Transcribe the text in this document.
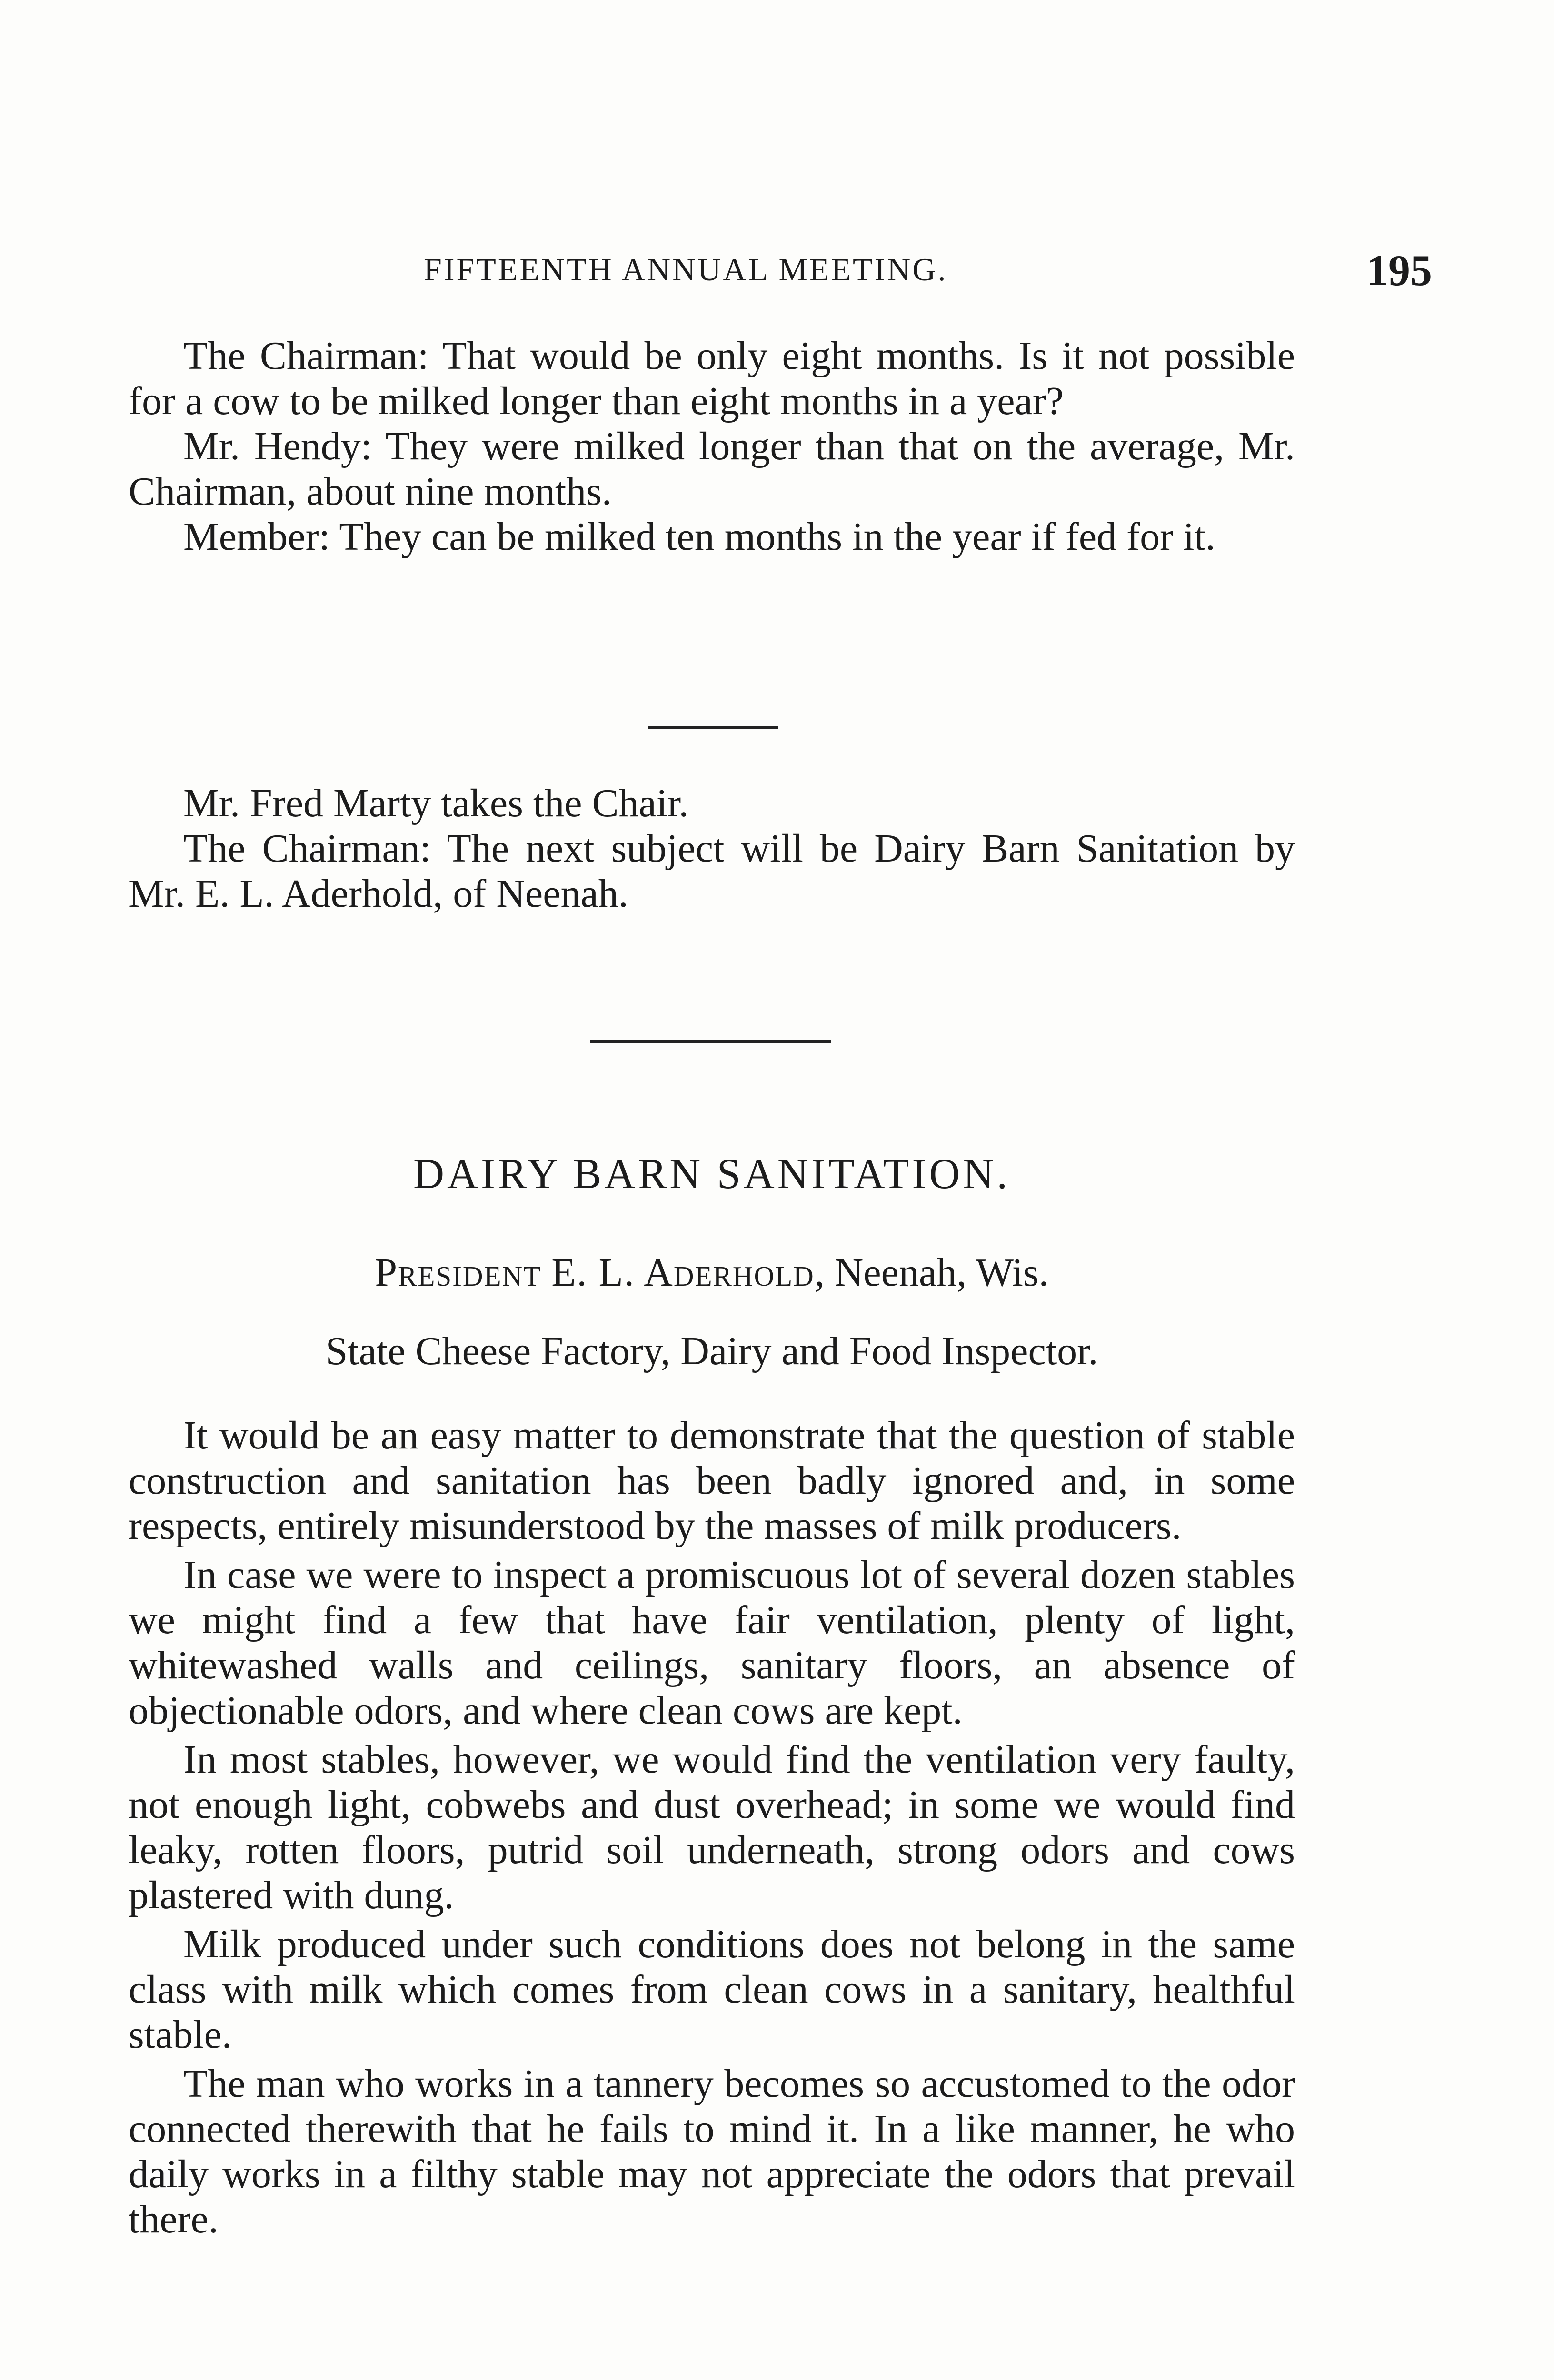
FIFTEENTH ANNUAL MEETING.	195

The Chairman: That would be only eight months. Is it not possible for a cow to be milked longer than eight months in a year?

Mr. Hendy: They were milked longer than that on the average, Mr. Chairman, about nine months.

Member: They can be milked ten months in the year if fed for it.

Mr. Fred Marty takes the Chair.

The Chairman: The next subject will be Dairy Barn Sanitation by Mr. E. L. Aderhold, of Neenah.

DAIRY BARN SANITATION.
President E. L. Aderhold, Neenah, Wis.
State Cheese Factory, Dairy and Food Inspector.

It would be an easy matter to demonstrate that the question of stable construction and sanitation has been badly ignored and, in some respects, entirely misunderstood by the masses of milk producers.

In case we were to inspect a promiscuous lot of several dozen stables we might find a few that have fair ventilation, plenty of light, whitewashed walls and ceilings, sanitary floors, an absence of objectionable odors, and where clean cows are kept.

In most stables, however, we would find the ventilation very faulty, not enough light, cobwebs and dust overhead; in some we would find leaky, rotten floors, putrid soil underneath, strong odors and cows plastered with dung.

Milk produced under such conditions does not belong in the same class with milk which comes from clean cows in a sanitary, healthful stable.

The man who works in a tannery becomes so accustomed to the odor connected therewith that he fails to mind it. In a like manner, he who daily works in a filthy stable may not appreciate the odors that prevail there.
